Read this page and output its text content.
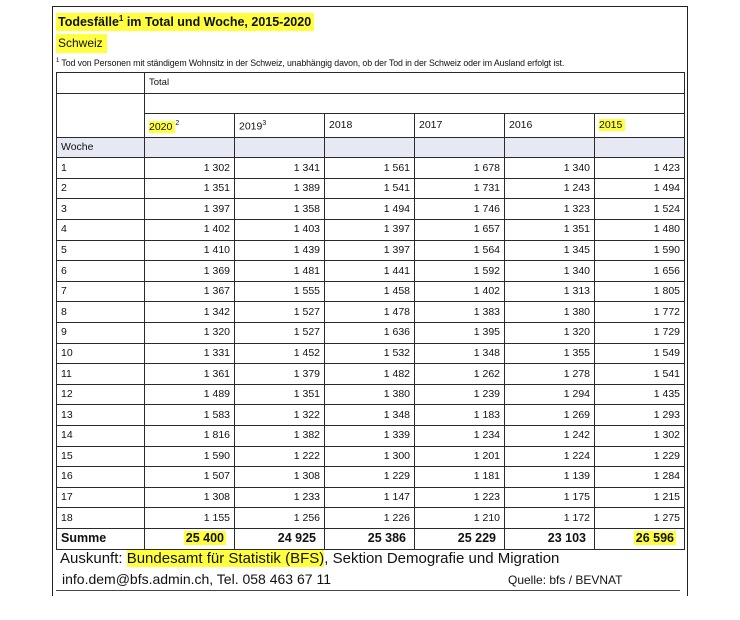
Todesfälle$^1$ im Total und Woche, 2015-2020
Schweiz
$^1$ Tod von Personen mit ständigem Wohnsitz in der Schweiz, unabhängig davon, ob der Tod in der Schweiz oder im Ausland erfolgt ist.
	Total					

	2020 $^2$	2019$^3$	2018	2017	2016	2015
Woche						
1	1 302	1 341	1 561	1 678	1 340	1 423
2	1 351	1 389	1 541	1 731	1 243	1 494
3	1 397	1 358	1 494	1 746	1 323	1 524
4	1 402	1 403	1 397	1 657	1 351	1 480
5	1 410	1 439	1 397	1 564	1 345	1 590
6	1 369	1 481	1 441	1 592	1 340	1 656
7	1 367	1 555	1 458	1 402	1 313	1 805
8	1 342	1 527	1 478	1 383	1 380	1 772
9	1 320	1 527	1 636	1 395	1 320	1 729
10	1 331	1 452	1 532	1 348	1 355	1 549
11	1 361	1 379	1 482	1 262	1 278	1 541
12	1 489	1 351	1 380	1 239	1 294	1 435
13	1 583	1 322	1 348	1 183	1 269	1 293
14	1 816	1 382	1 339	1 234	1 242	1 302
15	1 590	1 222	1 300	1 201	1 224	1 229
16	1 507	1 308	1 229	1 181	1 139	1 284
17	1 308	1 233	1 147	1 223	1 175	1 215
18	1 155	1 256	1 226	1 210	1 172	1 275
Summe	25 400	24 925	25 386	25 229	23 103	26 596
Auskunft: Bundesamt für Statistik (BFS), Sektion Demografie und Migration
info.dem@bfs.admin.ch, Tel. 058 463 67 11	Quelle: bfs / BEVNAT
